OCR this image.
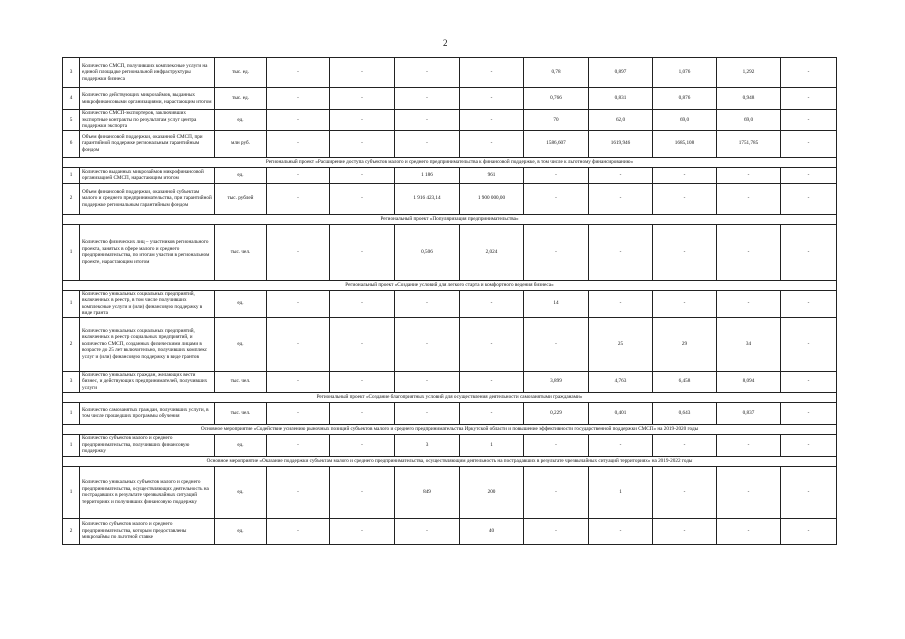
2
3	Количество СМСП, получивших комплексные услуги на единой площадке региональной инфраструктуры поддержки бизнеса	тыс. ед.	-	-	-	-	0,78	0,897	1,076	1,292	-
4	Количество действующих микрозаймов, выданных микрофинансовыми организациями, нарастающим итогом	тыс. ед.	-	-	-	-	0,766	0,831	0,876	0,948	-
5	Количество СМСП-экспортеров, заключивших экспортные контракты по результатам услуг центра поддержки экспорта	ед.	-	-	-	-	70	62,0	69,0	69,0	-
6	Объем финансовой поддержки, оказанной СМСП, при гарантийной поддержке региональным гарантийным фондом	млн руб.	-	-	-	-	1586,607	1619,946	1685,108	1751,785	-
Региональный проект «Расширение доступа субъектов малого и среднего предпринимательства к финансовой поддержке, в том числе к льготному финансированию»											
1	Количество выданных микрозаймов микрофинансовой организацией СМСП, нарастающим итогом	ед.	-	-	1 186	961	-	-	-	-	-
2	Объем финансовой поддержки, оказанной субъектам малого и среднего предпринимательства, при гарантийной поддержке региональным гарантийным фондом	тыс. рублей	-	-	1 916 423,14	1 900 000,00	-	-	-	-	-
Региональный проект «Популяризация предпринимательства»											
1	Количество физических лиц – участников регионального проекта, занятых в сфере малого и среднего предпринимательства, по итогам участия в региональном проекте, нарастающим итогом	тыс. чел.	-	-	0,506	2,024	-	-	-	-	-
Региональный проект «Создание условий для легкого старта и комфортного ведения бизнеса»											
1	Количество уникальных социальных предприятий, включенных в реестр, в том числе получивших комплексные услуги и (или) финансовую поддержку в виде гранта	ед.	-	-	-	-	14	-	-	-	-
2	Количество уникальных социальных предприятий, включенных в реестр социальных предприятий, и количество СМСП, созданных физическими лицами в возрасте до 25 лет включительно, получивших комплекс услуг и (или) финансовую поддержку в виде грантов	ед.	-	-	-	-	-	25	29	34	-
3	Количество уникальных граждан, желающих вести бизнес, и действующих предпринимателей, получивших услуги	тыс. чел.	-	-	-	-	3,899	4,763	6,458	8,094	-
Региональный проект «Создание благоприятных условий для осуществления деятельности самозанятыми гражданами»											
1	Количество самозанятых граждан, получивших услуги, в том числе прошедших программы обучения	тыс. чел.	-	-	-	-	0,229	0,401	0,643	0,837	-
Основное мероприятие «Содействие усилению рыночных позиций субъектов малого и среднего предпринимательства Иркутской области и повышение эффективности государственной поддержки СМСП» на 2019-2020 годы											
1	Количество субъектов малого и среднего предпринимательства, получивших финансовую поддержку	ед.	-	-	3	1	-	-	-	-	-
Основное мероприятие «Оказание поддержки субъектам малого и среднего предпринимательства, осуществляющим деятельность на пострадавших в результате чрезвычайных ситуаций территориях» на 2019-2022 годы											
1	Количество уникальных субъектов малого и среднего предпринимательства, осуществляющих деятельность на пострадавших в результате чрезвычайных ситуаций территориях и получивших финансовую поддержку	ед.	-	-	849	200	-	1	-	-	-
2	Количество субъектов малого и среднего предпринимательства, которым предоставлены микрозаймы по льготной ставке	ед.	-	-	-	40	-	-	-	-	-
